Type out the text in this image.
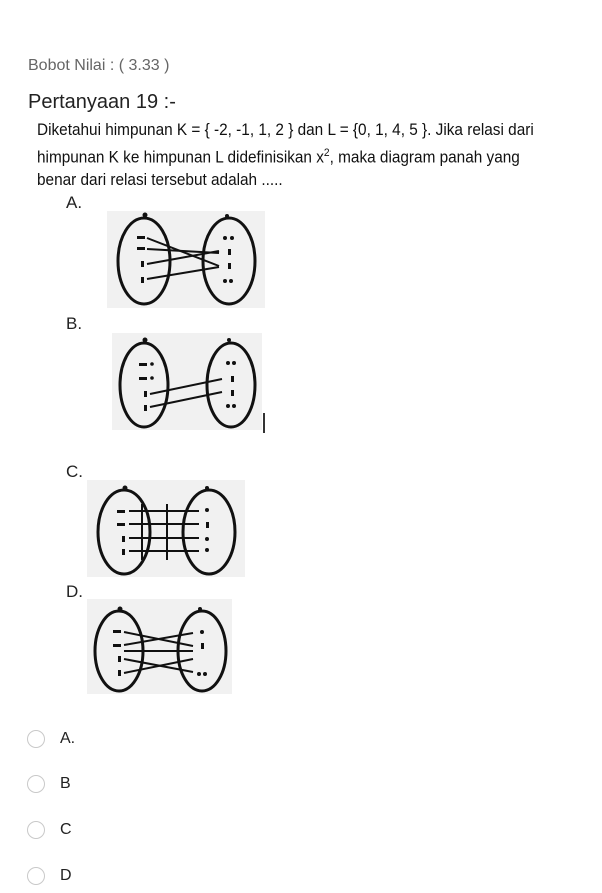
Bobot Nilai : ( 3.33 )
Pertanyaan 19 :-
Diketahui himpunan K = { -2, -1, 1, 2 } dan L = {0, 1, 4, 5 }. Jika relasi dari
himpunan K ke himpunan L didefinisikan $x^2$, maka diagram panah yang
benar dari relasi tersebut adalah .....
A.
B.
C.
D.
A.
B
C
D
